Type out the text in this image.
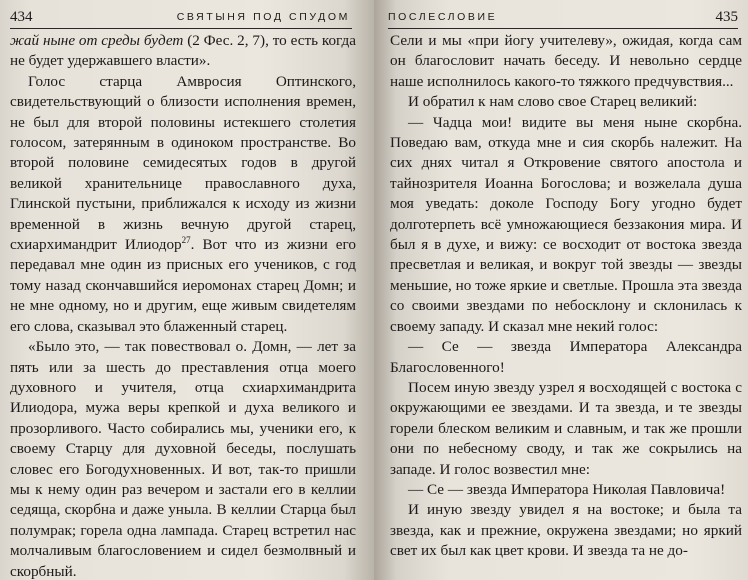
434	СВЯТЫНЯ ПОД СПУДОМ

жай ныне от среды будет (2 Фес. 2, 7), то есть когда не будет удержавшего власти».

Голос старца Амвросия Оптинского, свидетельствующий о близости исполнения времен, не был для второй половины истекшего столетия голосом, затерянным в одиноком пространстве. Во второй половине семидесятых годов в другой великой хранительнице православного духа, Глинской пустыни, приближался к исходу из жизни временной в жизнь вечную другой старец, схиархимандрит Илиодор$^{27}$. Вот что из жизни его передавал мне один из присных его учеников, с год тому назад скончавшийся иеромонах старец Домн; и не мне одному, но и другим, еще живым свидетелям его слова, сказывал это блаженный старец.

«Было это, — так повествовал о. Домн, — лет за пять или за шесть до преставления отца моего духовного и учителя, отца схиархимандрита Илиодора, мужа веры крепкой и духа великого и прозорливого. Часто собирались мы, ученики его, к своему Старцу для духовной беседы, послушать словес его Богодухновенных. И вот, так-то пришли мы к нему один раз вечером и застали его в келлии седяща, скорбна и даже уныла. В келлии Старца был полумрак; горела одна лампада. Старец встретил нас молчаливым благословением и сидел безмолвный и скорбный.

ПОСЛЕСЛОВИЕ	435

Сели и мы «при йогу учителеву», ожидая, когда сам он благословит начать беседу. И невольно сердце наше исполнилось какого-то тяжкого предчувствия...

И обратил к нам слово свое Старец великий:

— Чадца мои! видите вы меня ныне скорбна. Поведаю вам, откуда мне и сия скорбь належит. На сих днях читал я Откровение святого апостола и тайнозрителя Иоанна Богослова; и возжелала душа моя уведать: доколе Господу Богу угодно будет долготерпеть всё умножающиеся беззакония мира. И был я в духе, и вижу: се восходит от востока звезда пресветлая и великая, и вокруг той звезды — звезды меньшие, но тоже яркие и светлые. Прошла эта звезда со своими звездами по небосклону и склонилась к своему западу. И сказал мне некий голос:

— Се — звезда Императора Александра Благословенного!

Посем иную звезду узрел я восходящей с востока с окружающими ее звездами. И та звезда, и те звезды горели блеском великим и славным, и так же прошли они по небесному своду, и так же сокрылись на западе. И голос возвестил мне:

— Се — звезда Императора Николая Павловича!

И иную звезду увидел я на востоке; и была та звезда, как и прежние, окружена звездами; но яркий свет их был как цвет крови. И звезда та не до-
